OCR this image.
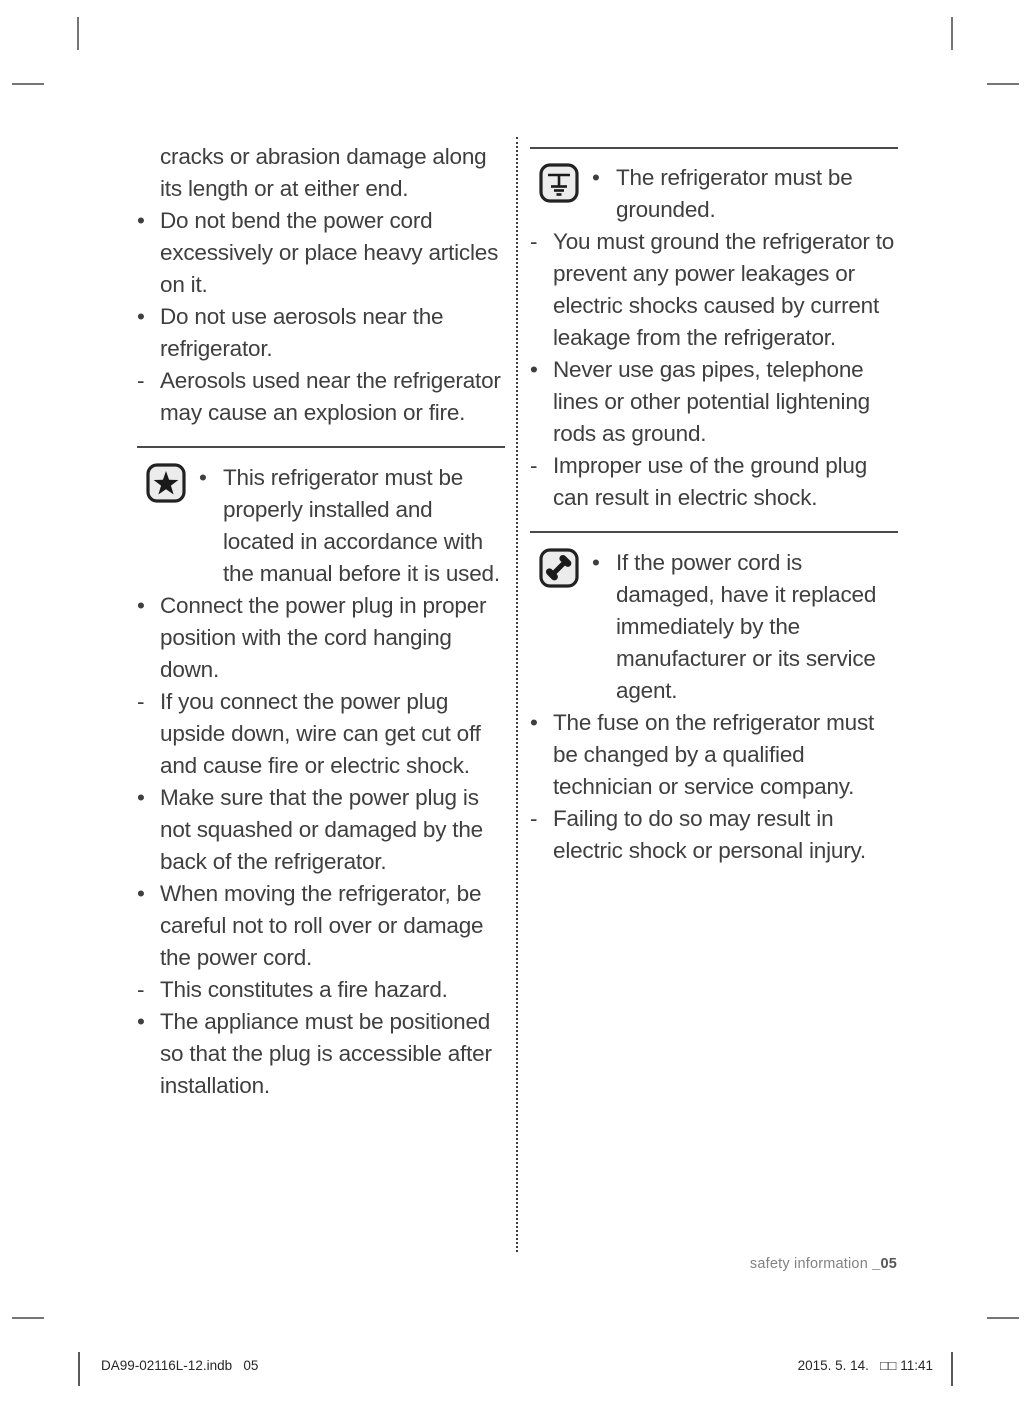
cracks or abrasion damage along its length or at either end.
• Do not bend the power cord excessively or place heavy articles on it.
• Do not use aerosols near the refrigerator.
- Aerosols used near the refrigerator may cause an explosion or fire.
• This refrigerator must be properly installed and located in accordance with the manual before it is used.
• Connect the power plug in proper position with the cord hanging down.
- If you connect the power plug upside down, wire can get cut off and cause fire or electric shock.
• Make sure that the power plug is not squashed or damaged by the back of the refrigerator.
• When moving the refrigerator, be careful not to roll over or damage the power cord.
- This constitutes a fire hazard.
• The appliance must be positioned so that the plug is accessible after installation.
• The refrigerator must be grounded.
- You must ground the refrigerator to prevent any power leakages or electric shocks caused by current leakage from the refrigerator.
• Never use gas pipes, telephone lines or other potential lightening rods as ground.
- Improper use of the ground plug can result in electric shock.
• If the power cord is damaged, have it replaced immediately by the manufacturer or its service agent.
• The fuse on the refrigerator must be changed by a qualified technician or service company.
- Failing to do so may result in electric shock or personal injury.
safety information _05
DA99-02116L-12.indb   05	2015. 5. 14.   □□ 11:41
